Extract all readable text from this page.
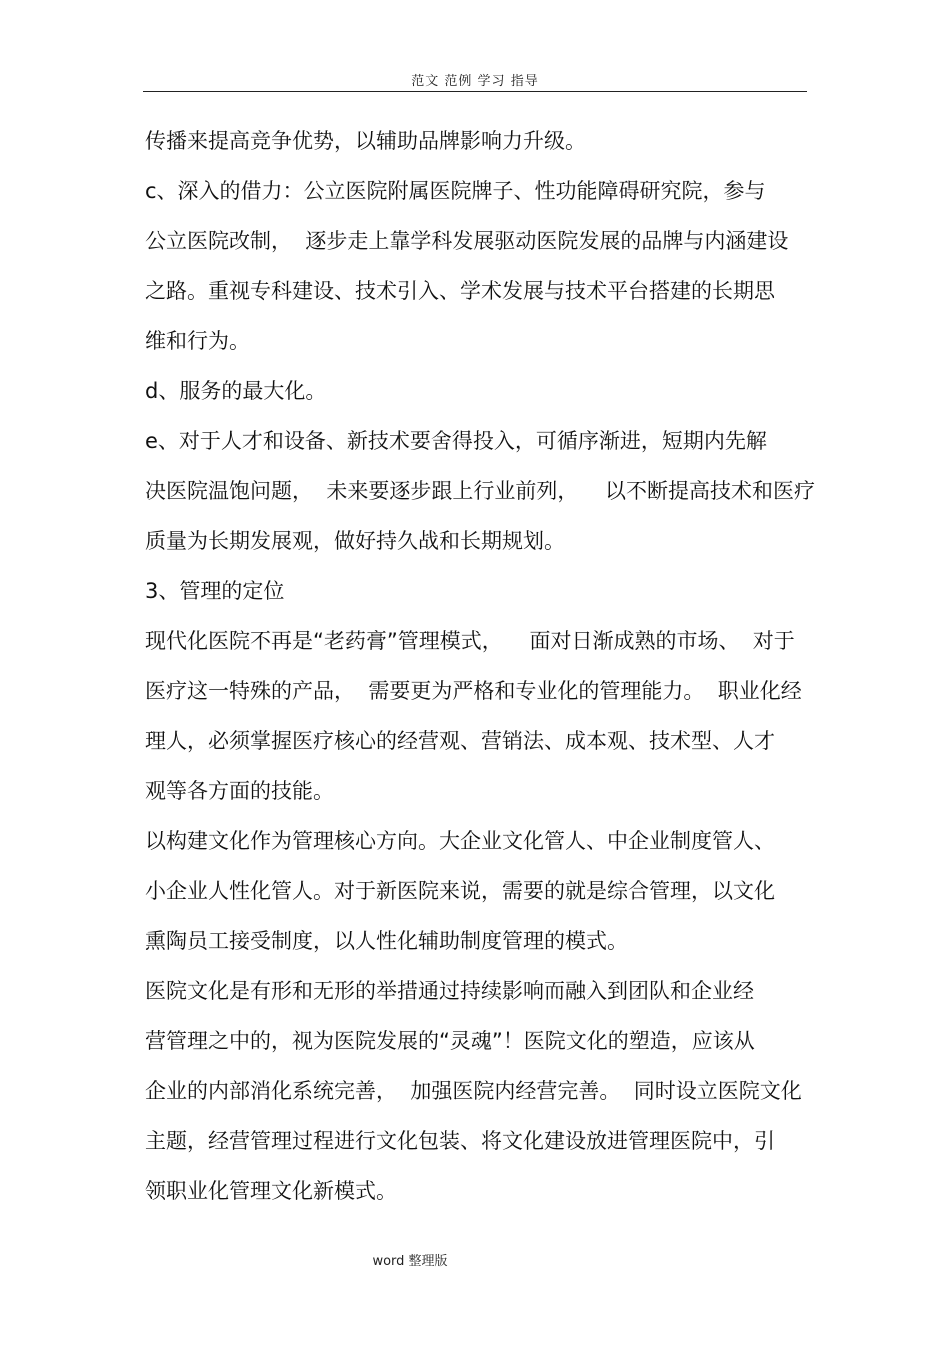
范文 范例 学习 指导
传播来提高竞争优势，以辅助品牌影响力升级。
c、深入的借力：公立医院附属医院牌子、性功能障碍研究院，参与
公立医院改制，  逐步走上靠学科发展驱动医院发展的品牌与内涵建设
之路。重视专科建设、技术引入、学术发展与技术平台搭建的长期思
维和行为。
d、服务的最大化。
e、对于人才和设备、新技术要舍得投入，可循序渐进，短期内先解
决医院温饱问题，  未来要逐步跟上行业前列，    以不断提高技术和医疗
质量为长期发展观，做好持久战和长期规划。
3、管理的定位
现代化医院不再是“老药膏”管理模式，    面对日渐成熟的市场、  对于
医疗这一特殊的产品，  需要更为严格和专业化的管理能力。  职业化经
理人，必须掌握医疗核心的经营观、营销法、成本观、技术型、人才
观等各方面的技能。
以构建文化作为管理核心方向。大企业文化管人、中企业制度管人、
小企业人性化管人。对于新医院来说，需要的就是综合管理，以文化
熏陶员工接受制度，以人性化辅助制度管理的模式。
医院文化是有形和无形的举措通过持续影响而融入到团队和企业经
营管理之中的，视为医院发展的“灵魂”！医院文化的塑造，应该从
企业的内部消化系统完善，  加强医院内经营完善。  同时设立医院文化
主题，经营管理过程进行文化包装、将文化建设放进管理医院中，引
领职业化管理文化新模式。
word 整理版
